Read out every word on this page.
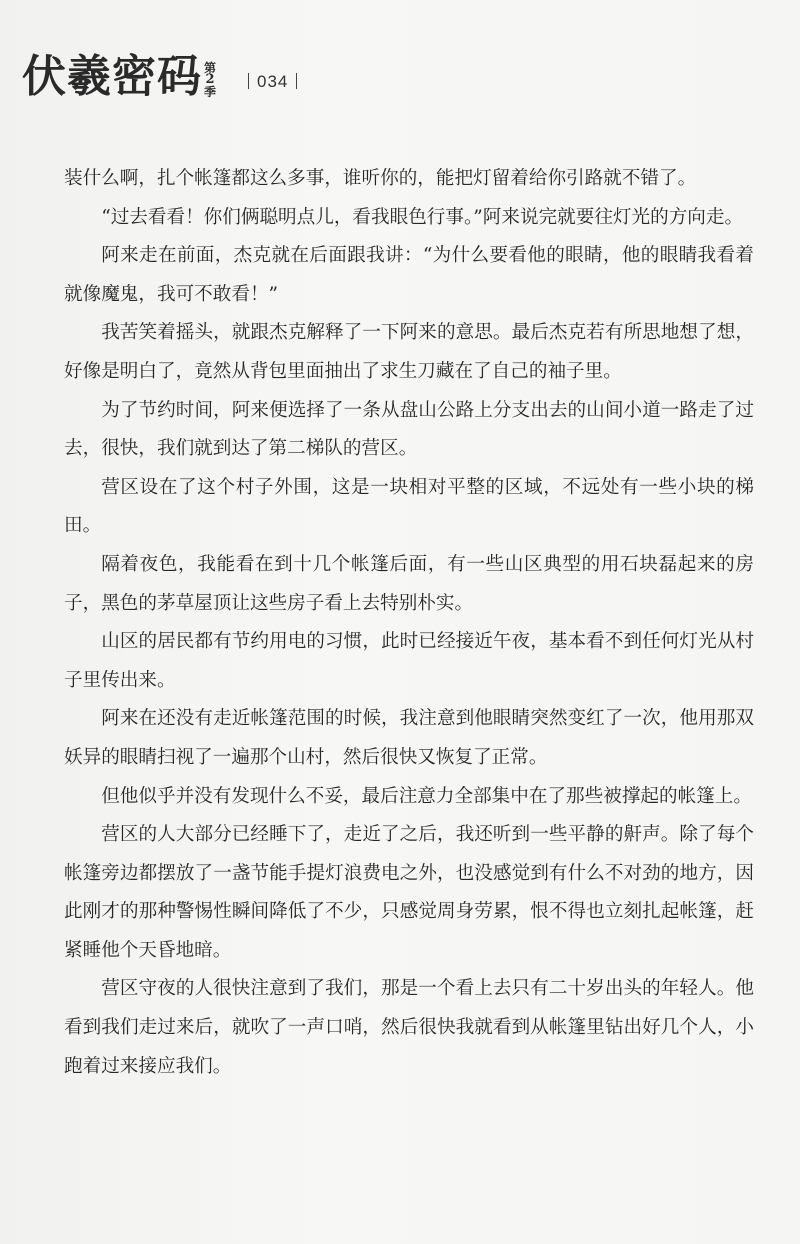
伏羲密码 第
2
季
034

装什么啊，扎个帐篷都这么多事，谁听你的，能把灯留着给你引路就不错了。

“过去看看！你们俩聪明点儿，看我眼色行事。”阿来说完就要往灯光的方向走。

阿来走在前面，杰克就在后面跟我讲：“为什么要看他的眼睛，他的眼睛我看着就像魔鬼，我可不敢看！”

我苦笑着摇头，就跟杰克解释了一下阿来的意思。最后杰克若有所思地想了想，好像是明白了，竟然从背包里面抽出了求生刀藏在了自己的袖子里。

为了节约时间，阿来便选择了一条从盘山公路上分支出去的山间小道一路走了过去，很快，我们就到达了第二梯队的营区。

营区设在了这个村子外围，这是一块相对平整的区域，不远处有一些小块的梯田。

隔着夜色，我能看在到十几个帐篷后面，有一些山区典型的用石块磊起来的房子，黑色的茅草屋顶让这些房子看上去特别朴实。

山区的居民都有节约用电的习惯，此时已经接近午夜，基本看不到任何灯光从村子里传出来。

阿来在还没有走近帐篷范围的时候，我注意到他眼睛突然变红了一次，他用那双妖异的眼睛扫视了一遍那个山村，然后很快又恢复了正常。

但他似乎并没有发现什么不妥，最后注意力全部集中在了那些被撑起的帐篷上。

营区的人大部分已经睡下了，走近了之后，我还听到一些平静的鼾声。除了每个帐篷旁边都摆放了一盏节能手提灯浪费电之外，也没感觉到有什么不对劲的地方，因此刚才的那种警惕性瞬间降低了不少，只感觉周身劳累，恨不得也立刻扎起帐篷，赶紧睡他个天昏地暗。

营区守夜的人很快注意到了我们，那是一个看上去只有二十岁出头的年轻人。他看到我们走过来后，就吹了一声口哨，然后很快我就看到从帐篷里钻出好几个人，小跑着过来接应我们。
